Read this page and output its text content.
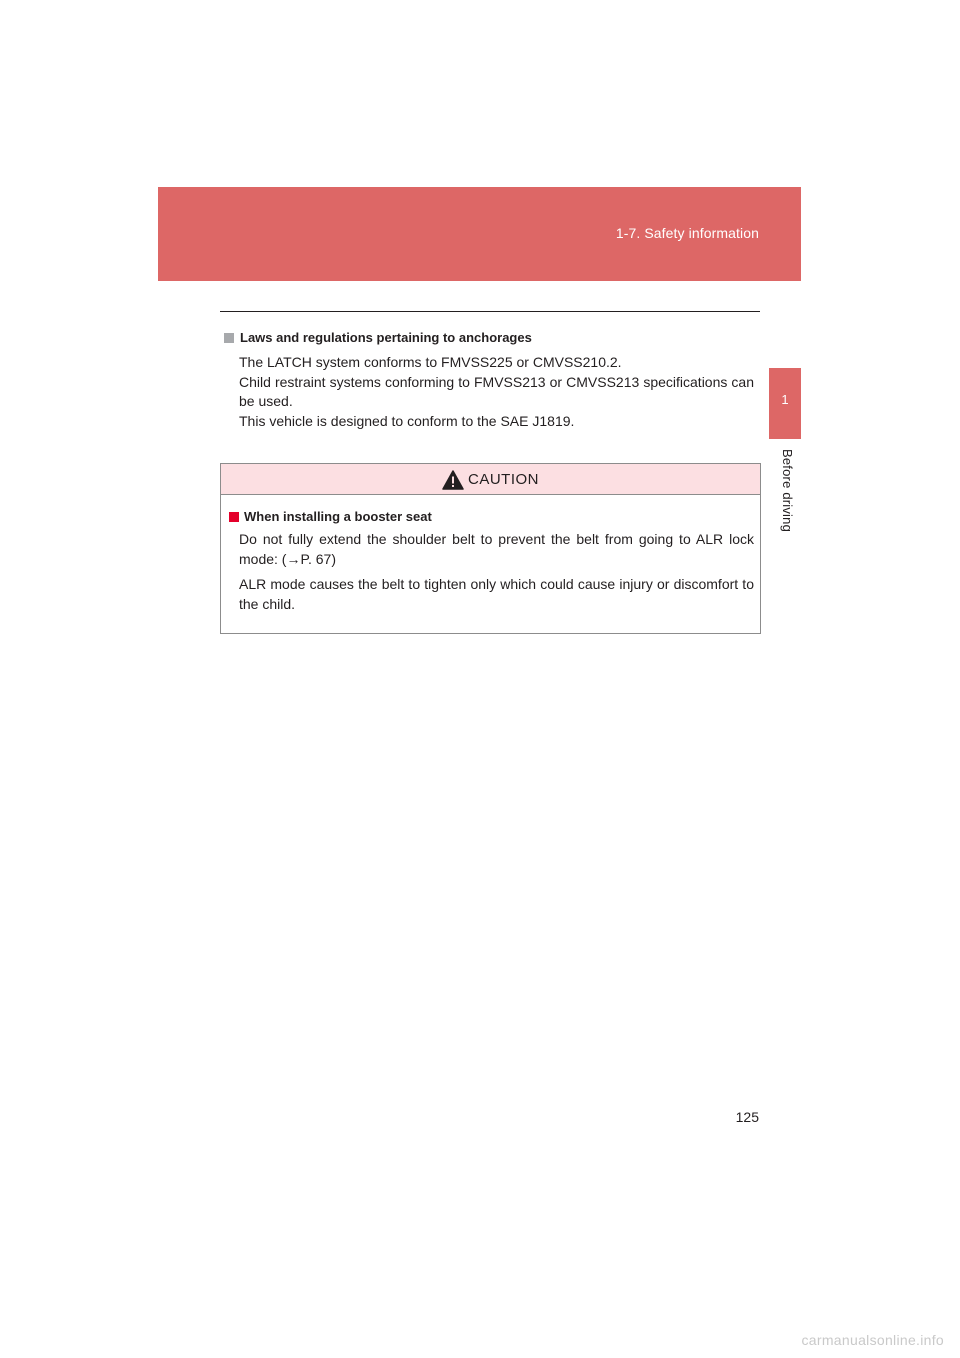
1-7. Safety information
1
Before driving
Laws and regulations pertaining to anchorages

The LATCH system conforms to FMVSS225 or CMVSS210.2.

Child restraint systems conforming to FMVSS213 or CMVSS213 specifications can be used.

This vehicle is designed to conform to the SAE J1819.

CAUTION
When installing a booster seat

Do not fully extend the shoulder belt to prevent the belt from going to ALR lock mode: (→P. 67)

ALR mode causes the belt to tighten only which could cause injury or discomfort to the child.

125
carmanualsonline.info
